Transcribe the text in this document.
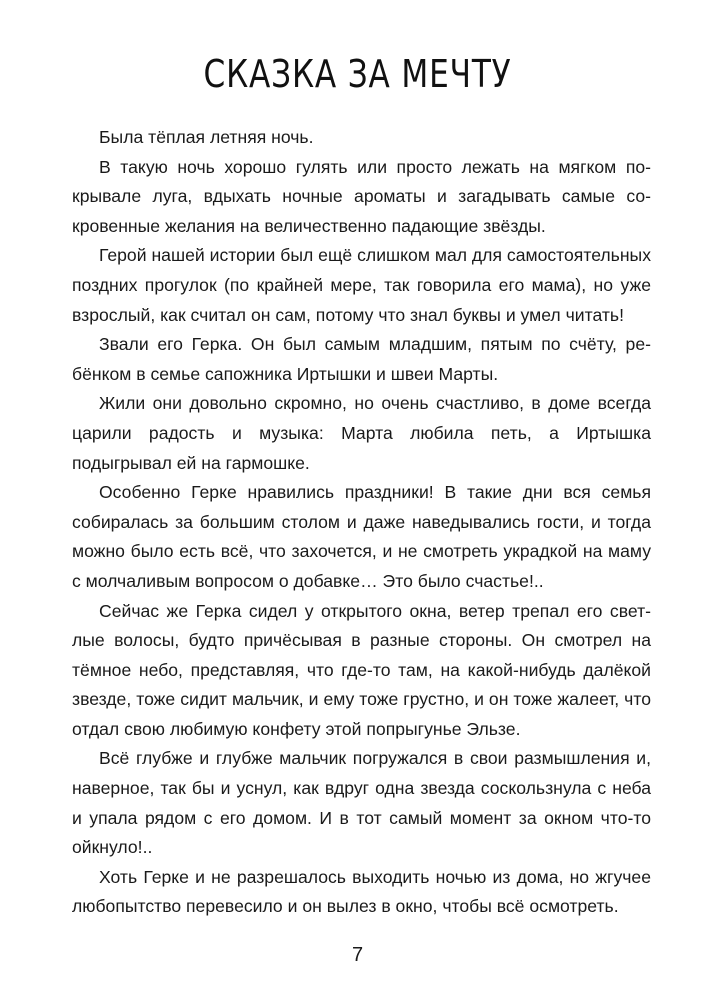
СКАЗКА ЗА МЕЧТУ

Была тёплая летняя ночь.

В такую ночь хорошо гулять или просто лежать на мягком покрывале луга, вдыхать ночные ароматы и загадывать самые сокровенные желания на величественно падающие звёзды.

Герой нашей истории был ещё слишком мал для самостоятельных поздних прогулок (по крайней мере, так говорила его мама), но уже взрослый, как считал он сам, потому что знал буквы и умел читать!

Звали его Герка. Он был самым младшим, пятым по счёту, ребёнком в семье сапожника Иртышки и швеи Марты.

Жили они довольно скромно, но очень счастливо, в доме всегда царили радость и музыка: Марта любила петь, а Иртышка подыгрывал ей на гармошке.

Особенно Герке нравились праздники! В такие дни вся семья собиралась за большим столом и даже наведывались гости, и тогда можно было есть всё, что захочется, и не смотреть украдкой на маму с молчаливым вопросом о добавке… Это было счастье!..

Сейчас же Герка сидел у открытого окна, ветер трепал его светлые волосы, будто причёсывая в разные стороны. Он смотрел на тёмное небо, представляя, что где-то там, на какой-нибудь далёкой звезде, тоже сидит мальчик, и ему тоже грустно, и он тоже жалеет, что отдал свою любимую конфету этой попрыгунье Эльзе.

Всё глубже и глубже мальчик погружался в свои размышления и, наверное, так бы и уснул, как вдруг одна звезда соскользнула с неба и упала рядом с его домом. И в тот самый момент за окном что-то ойкнуло!..

Хоть Герке и не разрешалось выходить ночью из дома, но жгучее любопытство перевесило и он вылез в окно, чтобы всё осмотреть.

7
